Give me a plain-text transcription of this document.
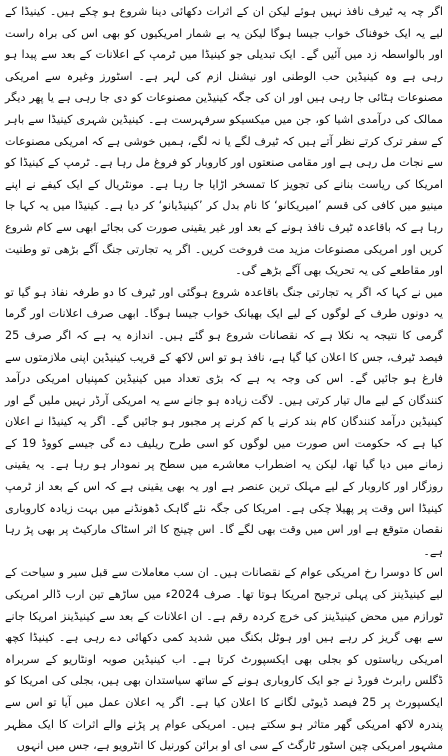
اگر چہ یہ ٹیرف نافذ نہیں ہوئے لیکن ان کے اثرات دکھائی دینا شروع ہو چکے ہیں۔ کینیڈا کے لیے یہ ایک خوفناک خواب جیسا ہوگا لیکن یہ بے شمار امریکیوں کو بھی اس کی براہ راست اور بالواسطہ زد میں آئیں گے۔ ایک تبدیلی جو کینیڈا میں ٹرمپ کے اعلانات کے بعد سے پیدا ہو رہی ہے وہ کینیڈین حب الوطنی اور نیشنل ازم کی لہر ہے۔ اسٹورز وغیرہ سے امریکی مصنوعات ہٹائی جا رہی ہیں اور ان کی جگہ کینیڈین مصنوعات کو دی جا رہی ہے یا پھر دیگر ممالک کی درآمدی اشیا کو، جن میں میکسیکو سرفہرست ہے۔ کینیڈین شہری کینیڈا سے باہر کے سفر ترک کرتے نظر آتے ہیں کہ ٹیرف لگے یا نہ لگے، ہمیں خوشی ہے کہ امریکی مصنوعات سے نجات مل رہی ہے اور مقامی صنعتوں اور کاروبار کو فروغ مل رہا ہے۔ ٹرمپ کے کینیڈا کو امریکا کی ریاست بنانے کی تجویز کا تمسخر اڑایا جا رہا ہے۔ مونٹریال کے ایک کیفے نے اپنے مینیو میں کافی کی قسم ’امیریکانو‘ کا نام بدل کر ’کینیڈیانو‘ کر دیا ہے۔ کینیڈا میں یہ کہا جا رہا ہے کہ باقاعدہ ٹیرف نافذ ہونے کے بعد اور غیر یقینی صورت کی بجائے ابھی سے کام شروع کریں اور امریکی مصنوعات مزید مت فروخت کریں۔ اگر یہ تجارتی جنگ آگے بڑھی تو وطنیت اور مقاطعے کی یہ تحریک بھی آگے بڑھے گی۔

میں نے کہا کہ اگر یہ تجارتی جنگ باقاعدہ شروع ہوگئی اور ٹیرف کا دو طرفہ نفاذ ہو گیا تو یہ دونوں طرف کے لوگوں کے لیے ایک بھیانک خواب جیسا ہوگا۔ ابھی صرف اعلانات اور گرما گرمی کا نتیجہ یہ نکلا ہے کہ نقصانات شروع ہو گئے ہیں۔ اندازہ یہ ہے کہ اگر صرف 25 فیصد ٹیرف، جس کا اعلان کیا گیا ہے، نافذ ہو تو اس لاکھ کے قریب کینیڈین اپنی ملازمتوں سے فارغ ہو جائیں گے۔ اس کی وجہ یہ ہے کہ بڑی تعداد میں کینیڈین کمپنیاں امریکی درآمد کنندگان کے لیے مال تیار کرتی ہیں۔ لاگت زیادہ ہو جانے سے یہ امریکی آرڈر نہیں ملیں گے اور کینیڈین درآمد کنندگان کام بند کرنے یا کم کرنے پر مجبور ہو جائیں گے۔ اگر یہ کینیڈا نے اعلان کیا ہے کہ حکومت اس صورت میں لوگوں کو اسی طرح ریلیف دے گی جیسے کووڈ 19 کے زمانے میں دیا گیا تھا، لیکن یہ اضطراب معاشرے میں سطح پر نمودار ہو رہا ہے۔ یہ یقینی روزگار اور کاروبار کے لیے مہلک ترین عنصر ہے اور یہ بھی یقینی ہے کہ اس کے بعد از ٹرمپ کینیڈا اس وقت پر پھیلا چکی ہے۔ امریکا کی جگہ نئے گاہک ڈھونڈنے میں بہت زیادہ کاروباری نقصان متوقع ہے اور اس میں وقت بھی لگے گا۔ اس چینج کا اثر اسٹاک مارکیٹ پر بھی پڑ رہا ہے۔

اس کا دوسرا رخ امریکی عوام کے نقصانات ہیں۔ ان سب معاملات سے قبل سیر و سیاحت کے لیے کینیڈینز کی پہلی ترجیح امریکا ہوتا تھا۔ صرف 2024ء میں ساڑھے تین ارب ڈالر امریکی ٹورازم میں محض کینیڈینز کی خرچ کردہ رقم ہے۔ ان اعلانات کے بعد سے کینیڈینز امریکا جانے سے بھی گریز کر رہے ہیں اور ہوٹل بکنگ میں شدید کمی دکھائی دے رہی ہے۔ کینیڈا کچھ امریکی ریاستوں کو بجلی بھی ایکسپورٹ کرتا ہے۔ اب کینیڈین صوبہ اونٹاریو کے سربراہ ڈگلس رابرٹ فورڈ نے جو ایک کاروباری ہونے کے ساتھ سیاستدان بھی ہیں، بجلی کی امریکا کو ایکسپورٹ پر 25 فیصد ڈیوٹی لگانے کا اعلان کیا ہے۔ اگر یہ اعلان عمل میں آیا تو اس سے پندرہ لاکھ امریکی گھر متاثر ہو سکتے ہیں۔ امریکی عوام پر پڑنے والے اثرات کا ایک مظہر مشہور امریکی چین اسٹور ٹارگٹ کے سی ای او برائن کورنیل کا انٹرویو ہے، جس میں انہوں
